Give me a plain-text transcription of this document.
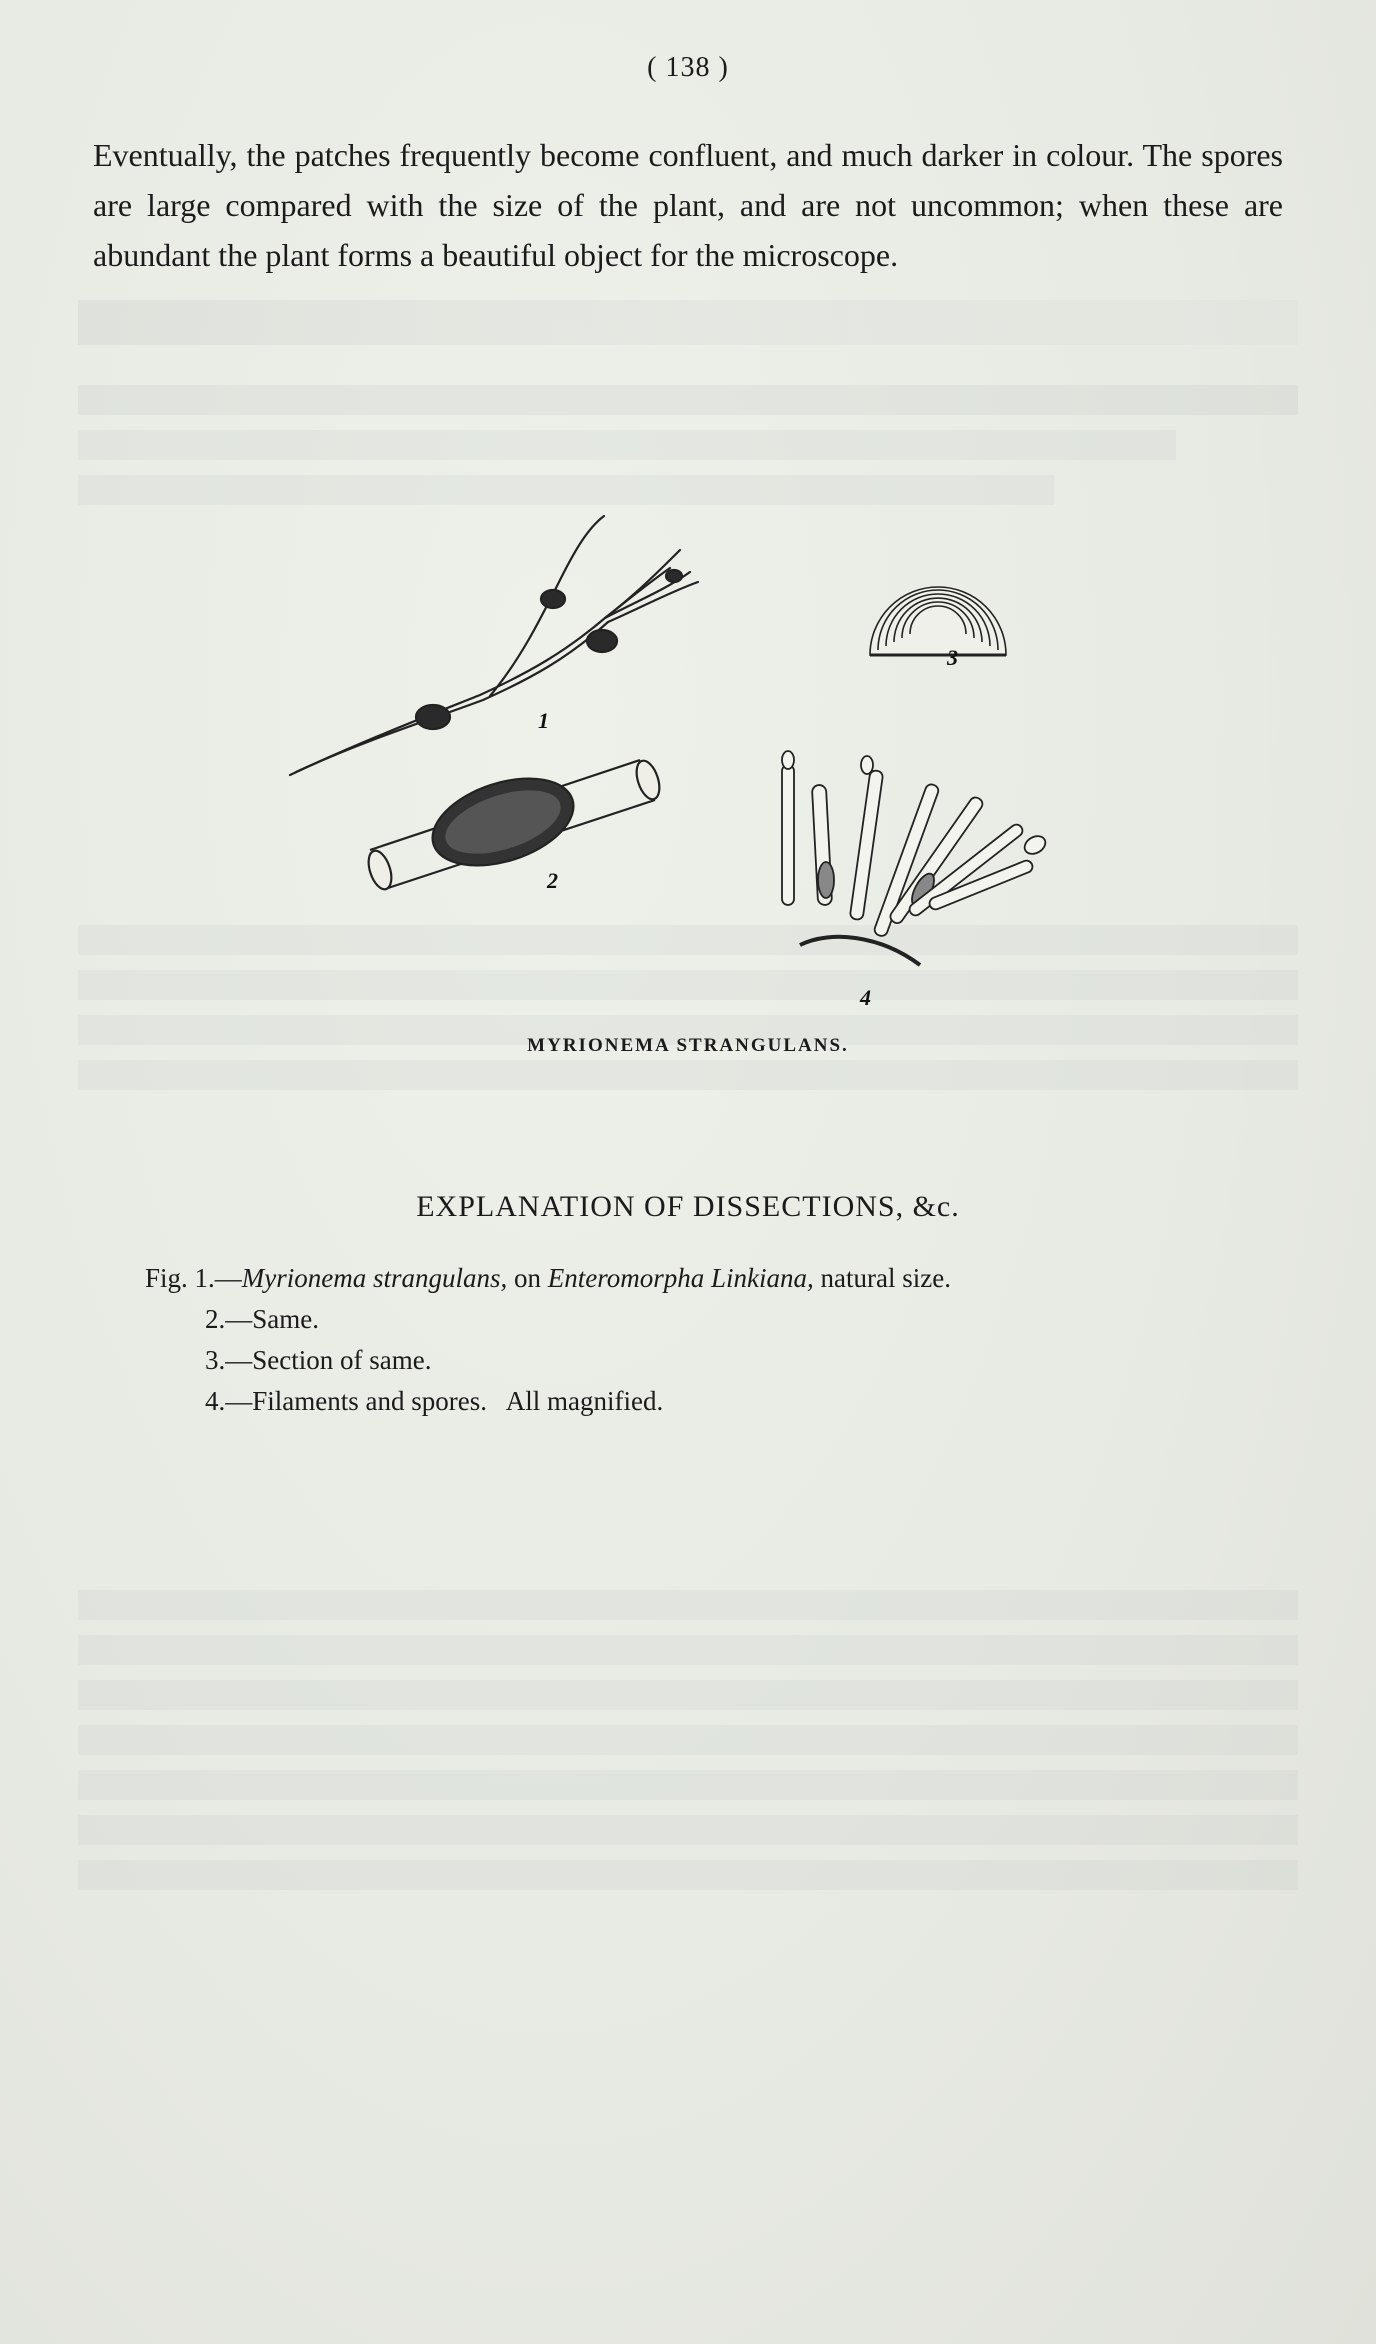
( 138 )

Eventually, the patches frequently become confluent, and much darker in colour. The spores are large compared with the size of the plant, and are not uncommon; when these are abundant the plant forms a beautiful object for the microscope.

1
2
3
4
MYRIONEMA STRANGULANS.
EXPLANATION OF DISSECTIONS, &c.
Fig. 1.—Myrionema strangulans, on Enteromorpha Linkiana, natural size.
2.—Same.
3.—Section of same.
4.—Filaments and spores. All magnified.
